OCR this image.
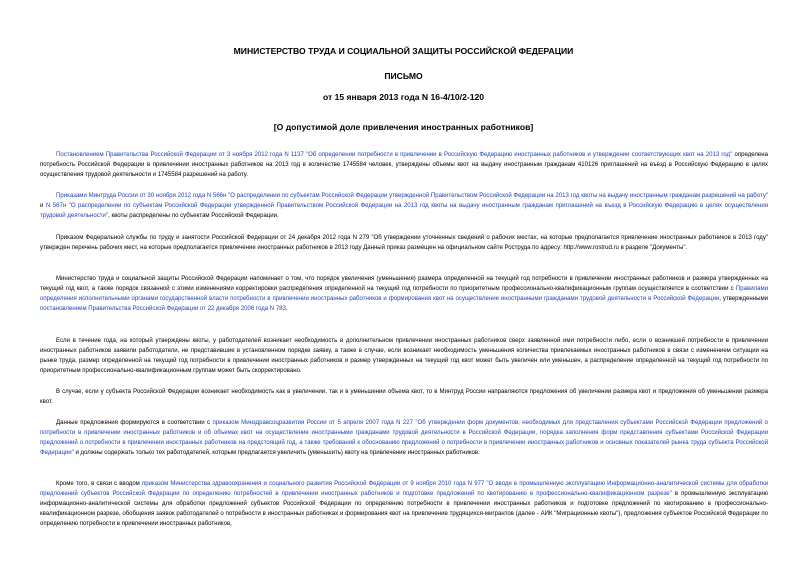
МИНИСТЕРСТВО ТРУДА И СОЦИАЛЬНОЙ ЗАЩИТЫ РОССИЙСКОЙ ФЕДЕРАЦИИ
ПИСЬМО
от 15 января 2013 года N 16-4/10/2-120
[О допустимой доле привлечения иностранных работников]

Постановлением Правительства Российской Федерации от 3 ноября 2012 года N 1137 "Об определении потребности в привлечении в Российскую Федерацию иностранных работников и утверждении соответствующих квот на 2013 год" определена потребность Российской Федерации в привлечении иностранных работников на 2013 год в количестве 1745584 человек, утверждены объемы квот на выдачу иностранным гражданам 410126 приглашений на въезд в Российскую Федерацию в целях осуществления трудовой деятельности и 1745584 разрешений на работу.

Приказами Минтруда России от 30 ноября 2012 года N 566н "О распределении по субъектам Российской Федерации утвержденной Правительством Российской Федерации на 2013 год квоты на выдачу иностранным гражданам разрешений на работу" и N 567н "О распределении по субъектам Российской Федерации утвержденной Правительством Российской Федерации на 2013 год квоты на выдачу иностранным гражданам приглашений на въезд в Российскую Федерацию в целях осуществления трудовой деятельности", квоты распределены по субъектам Российской Федерации.

Приказом Федеральной службы по труду и занятости Российской Федерации от 24 декабря 2012 года N 279 "Об утверждении уточненных сведений о рабочих местах, на которые предполагается привлечение иностранных работников в 2013 году" утвержден перечень рабочих мест, на которые предполагается привлечение иностранных работников в 2013 году Данный приказ размещен на официальном сайте Роструда по адресу: http://www.rostrud.ru в разделе "Документы".

Министерство труда и социальной защиты Российской Федерации напоминает о том, что порядок увеличения (уменьшения) размера определенной на текущий год потребности в привлечении иностранных работников и размера утвержденных на текущий год квот, а также порядок связанной с этими изменениями корректировки распределения определенной на текущий год потребности по приоритетным профессионально-квалификационным группам осуществляется в соответствии с Правилами определения исполнительными органами государственной власти потребности в привлечении иностранных работников и формирования квот на осуществление иностранными гражданами трудовой деятельности в Российской Федерации, утвержденными постановлением Правительства Российской Федерации от 22 декабря 2006 года N 783.

Если в течение года, на который утверждены квоты, у работодателей возникает необходимость в дополнительном привлечении иностранных работников сверх заявленной ими потребности либо, если о возникшей потребности в привлечении иностранных работников заявили работодатели, не представившие в установленном порядке заявку, а также в случае, если возникает необходимость уменьшения количества привлекаемых иностранных работников в связи с изменением ситуации на рынке труда, размер определенной на текущий год потребности в привлечении иностранных работников и размер утвержденных на текущий год квот может быть увеличен или уменьшен, а распределение определенной на текущий год потребности по приоритетным профессионально-квалификационным группам может быть скорректировано.

В случае, если у субъекта Российской Федерации возникает необходимость как в увеличении, так и в уменьшении объема квот, то в Минтруд России направляются предложения об увеличении размера квот и предложения об уменьшении размера квот.

Данные предложения формируются в соответствии с приказом Минздравсоцразвития России от 5 апреля 2007 года N 227 "Об утверждении форм документов, необходимых для представления субъектами Российской Федерации предложений о потребности в привлечении иностранных работников и об объемах квот на осуществление иностранными гражданами трудовой деятельности в Российской Федерации, порядка заполнения форм представления субъектами Российской Федерации предложений о потребности в привлечении иностранных работников на предстоящий год, а также требований к обоснованию предложений о потребности в привлечении иностранных работников и основных показателей рынка труда субъекта Российской Федерации" и должны содержать только тех работодателей, которым предлагается увеличить (уменьшить) квоту на привлечение иностранных работников.

Кроме того, в связи с вводом приказом Министерства здравоохранения и социального развития Российской Федерации от 9 ноября 2010 года N 977 "О вводе в промышленную эксплуатацию Информационно-аналитической системы для обработки предложений субъектов Российской Федерации по определению потребностей в привлечении иностранных работников и подготовке предложений по квотированию в профессионально-квалификационном разрезе" в промышленную эксплуатацию информационно-аналитической системы для обработки предложений субъектов Российской Федерации по определению потребности в привлечении иностранных работников и подготовке предложений по квотированию в профессионально-квалификационном разрезе, обобщения заявок работодателей о потребности в иностранных работниках и формирования квот на привлечение трудящихся-мигрантов (далее - АИК "Миграционные квоты"), предложения субъектов Российской Федерации по определению потребности в привлечении иностранных работников,
